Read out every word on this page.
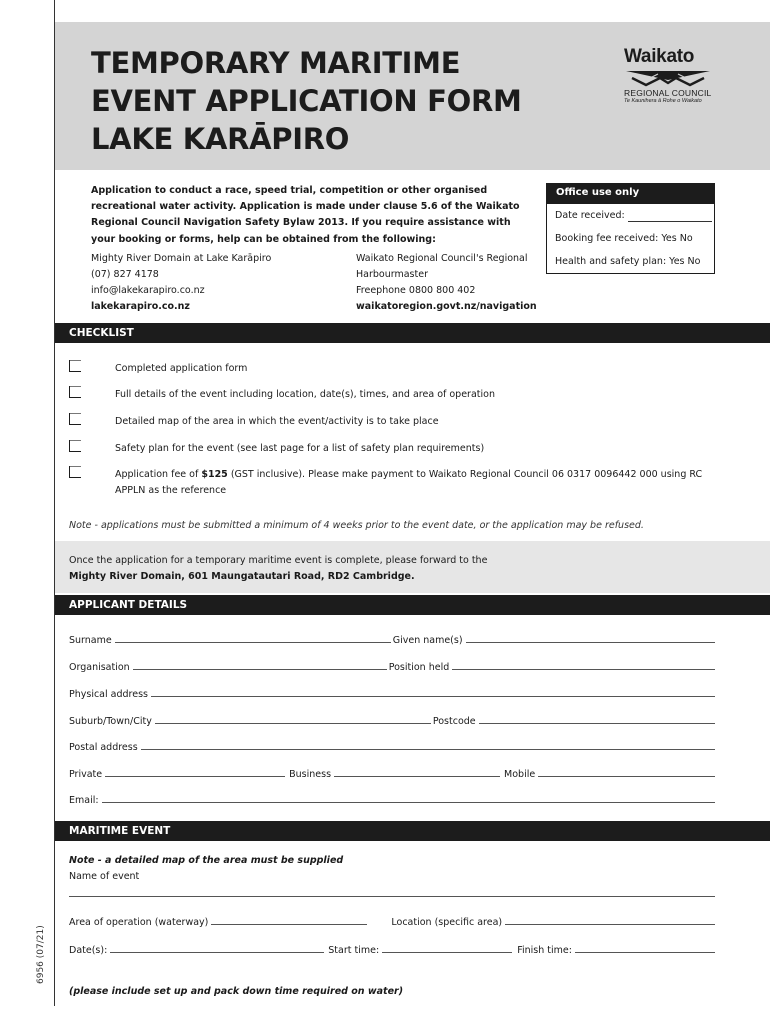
6956 (07/21)
TEMPORARY MARITIME
EVENT APPLICATION FORM
LAKE KARĀPIRO
Waikato
REGIONAL COUNCIL
Te Kaunihera ā Rohe o Waikato
Application to conduct a race, speed trial, competition or other organised recreational water activity. Application is made under clause 5.6 of the Waikato Regional Council Navigation Safety Bylaw 2013. If you require assistance with your booking or forms, help can be obtained from the following:
Mighty River Domain at Lake Karāpiro
(07) 827 4178
info@lakekarapiro.co.nz
lakekarapiro.co.nz
Waikato Regional Council's Regional
Harbourmaster
Freephone 0800 800 402
waikatoregion.govt.nz/navigation
Office use only
Date received:
Booking fee received: Yes No
Health and safety plan: Yes No
CHECKLIST
Completed application form
Full details of the event including location, date(s), times, and area of operation
Detailed map of the area in which the event/activity is to take place
Safety plan for the event (see last page for a list of safety plan requirements)
Application fee of $125 (GST inclusive). Please make payment to Waikato Regional Council 06 0317 0096442 000 using RC APPLN as the reference
Note - applications must be submitted a minimum of 4 weeks prior to the event date, or the application may be refused.
Once the application for a temporary maritime event is complete, please forward to the
Mighty River Domain, 601 Maungatautari Road, RD2 Cambridge.
APPLICANT DETAILS
Surname	Given name(s)
Organisation	Position held
Physical address
Suburb/Town/City	Postcode
Postal address
Private	Business	Mobile
Email:
MARITIME EVENT
Note - a detailed map of the area must be supplied
Name of event
Area of operation (waterway)	Location (specific area)
Date(s):	Start time:	Finish time:
(please include set up and pack down time required on water)
